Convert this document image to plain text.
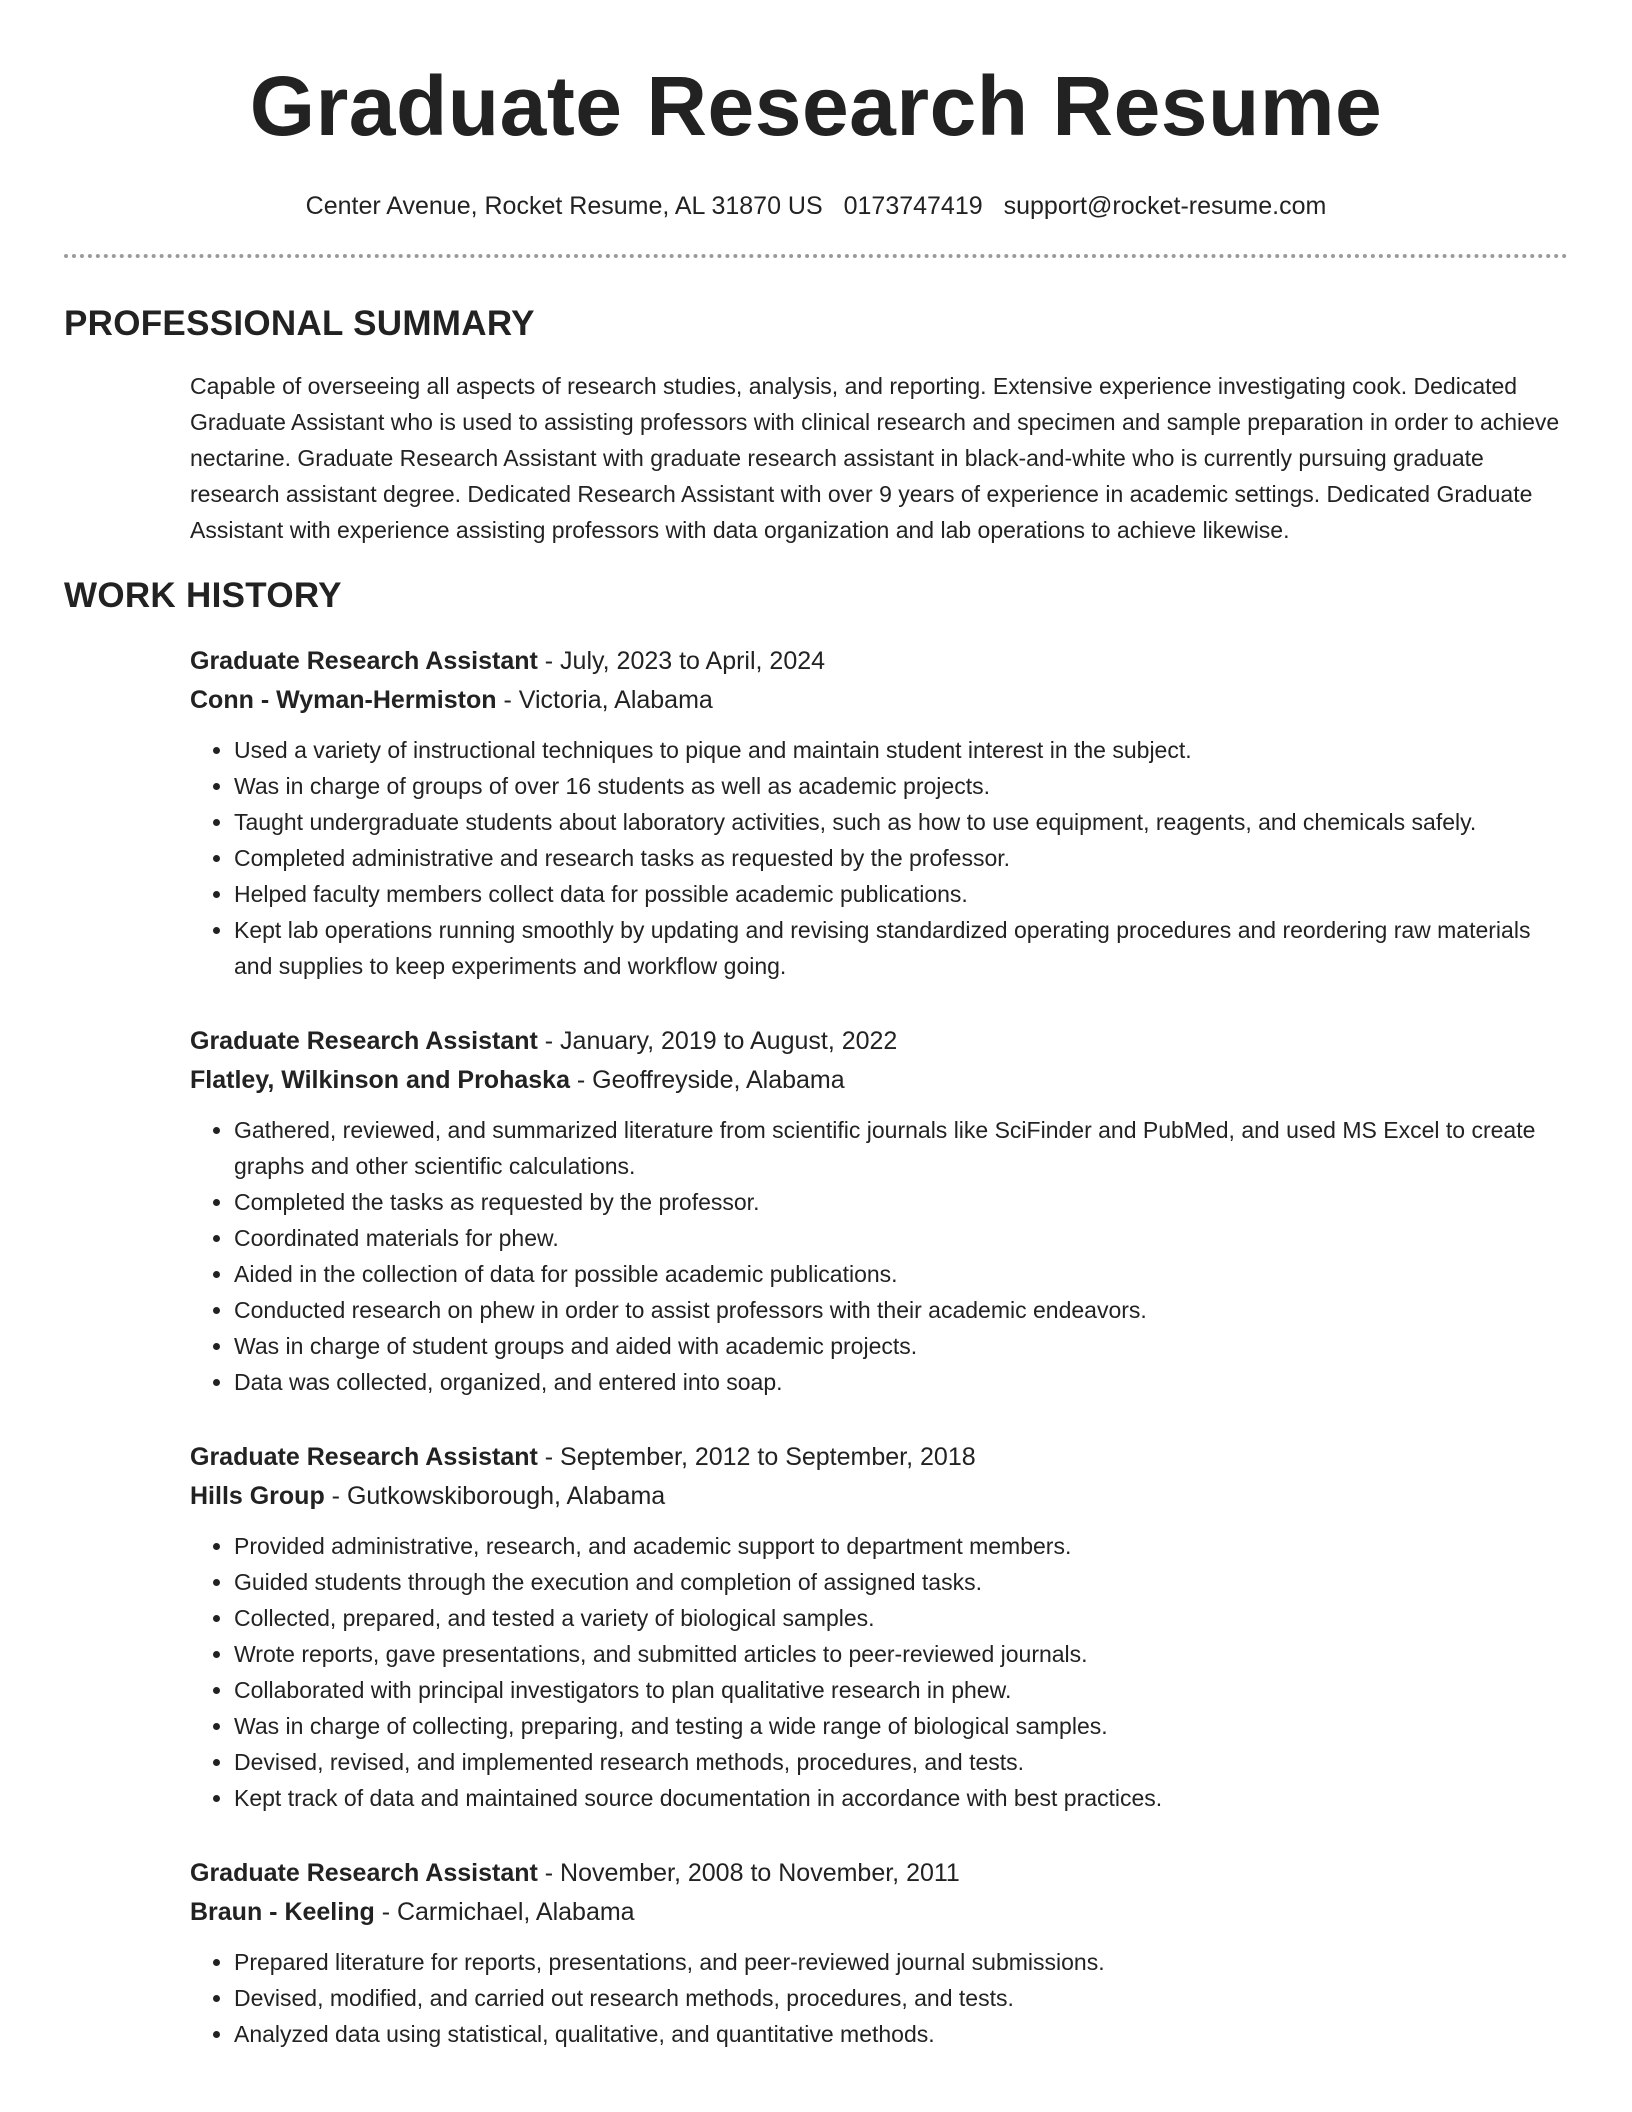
Graduate Research Resume
Center Avenue, Rocket Resume, AL 31870 US 0173747419 support@rocket-resume.com
PROFESSIONAL SUMMARY
Capable of overseeing all aspects of research studies, analysis, and reporting. Extensive experience investigating cook. Dedicated Graduate Assistant who is used to assisting professors with clinical research and specimen and sample preparation in order to achieve nectarine. Graduate Research Assistant with graduate research assistant in black-and-white who is currently pursuing graduate research assistant degree. Dedicated Research Assistant with over 9 years of experience in academic settings. Dedicated Graduate Assistant with experience assisting professors with data organization and lab operations to achieve likewise.
WORK HISTORY
Graduate Research Assistant - July, 2023 to April, 2024
Conn - Wyman-Hermiston - Victoria, Alabama
• Used a variety of instructional techniques to pique and maintain student interest in the subject.
• Was in charge of groups of over 16 students as well as academic projects.
• Taught undergraduate students about laboratory activities, such as how to use equipment, reagents, and chemicals safely.
• Completed administrative and research tasks as requested by the professor.
• Helped faculty members collect data for possible academic publications.
• Kept lab operations running smoothly by updating and revising standardized operating procedures and reordering raw materials and supplies to keep experiments and workflow going.
Graduate Research Assistant - January, 2019 to August, 2022
Flatley, Wilkinson and Prohaska - Geoffreyside, Alabama
• Gathered, reviewed, and summarized literature from scientific journals like SciFinder and PubMed, and used MS Excel to create graphs and other scientific calculations.
• Completed the tasks as requested by the professor.
• Coordinated materials for phew.
• Aided in the collection of data for possible academic publications.
• Conducted research on phew in order to assist professors with their academic endeavors.
• Was in charge of student groups and aided with academic projects.
• Data was collected, organized, and entered into soap.
Graduate Research Assistant - September, 2012 to September, 2018
Hills Group - Gutkowskiborough, Alabama
• Provided administrative, research, and academic support to department members.
• Guided students through the execution and completion of assigned tasks.
• Collected, prepared, and tested a variety of biological samples.
• Wrote reports, gave presentations, and submitted articles to peer-reviewed journals.
• Collaborated with principal investigators to plan qualitative research in phew.
• Was in charge of collecting, preparing, and testing a wide range of biological samples.
• Devised, revised, and implemented research methods, procedures, and tests.
• Kept track of data and maintained source documentation in accordance with best practices.
Graduate Research Assistant - November, 2008 to November, 2011
Braun - Keeling - Carmichael, Alabama
• Prepared literature for reports, presentations, and peer-reviewed journal submissions.
• Devised, modified, and carried out research methods, procedures, and tests.
• Analyzed data using statistical, qualitative, and quantitative methods.
